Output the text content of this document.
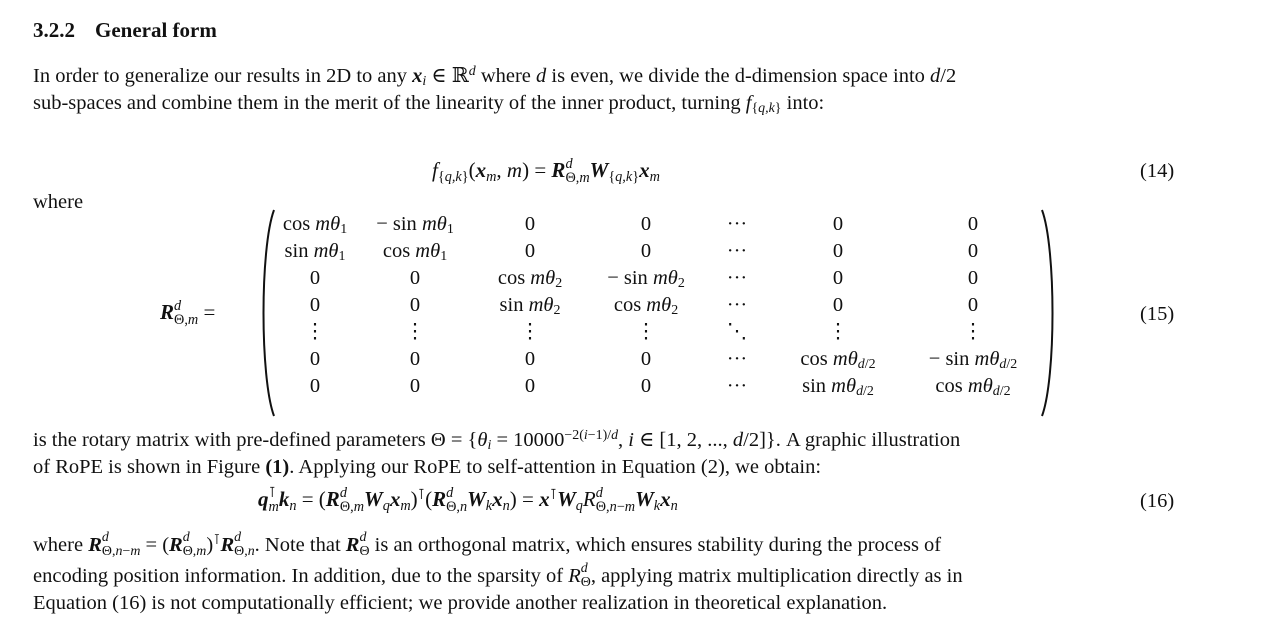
3.2.2 General form
In order to generalize our results in 2D to any $x_i$ ∈ ℝ$^d$ where d is even, we divide the d-dimension space into d/2
sub-spaces and combine them in the merit of the linearity of the inner product, turning $f_{\{q,k\}}$ into:
$f_{\{q,k\}}(x_m$, m) = R d
Θ,m $W_{\{q,k\}}x_m$	(14)
where
R d
Θ,m =
$\cos m\theta_1$	− $\sin m\theta_1$	0	0	···	0	0
$\sin m\theta_1$	$\cos m\theta_1$	0	0	···	0	0
0	0	$\cos m\theta_2$	− $\sin m\theta_2$	···	0	0
0	0	$\sin m\theta_2$	$\cos m\theta_2$	···	0	0
⋮	⋮	⋮	⋮	⋱	⋮	⋮
0	0	0	0	···	$\cos m\theta_{d/2}$	− $\sin m\theta_{d/2}$
0	0	0	0	···	$\sin m\theta_{d/2}$	$\cos m\theta_{d/2}$
(15)
is the rotary matrix with pre-defined parameters $\Theta = \{\theta_i = 10000^{-2(i-1)/d}$, i ∈ [1, 2, ..., d/2]}. A graphic illustration
of RoPE is shown in Figure (1). Applying our RoPE to self-attention in Equation (2), we obtain:
q ⊺
m $k_n = (R$ d
Θ,m $W_qx_m)^⊺(R$ d
Θ,n $W_kx_n) = x^⊺W_qR$ d
Θ,n−m $W_kx_n$	(16)
where R d
Θ,n−m = (R d
Θ,m )⊺R d
Θ,n . Note that R d
Θ is an orthogonal matrix, which ensures stability during the process of
encoding position information. In addition, due to the sparsity of R d
Θ , applying matrix multiplication directly as in
Equation (16) is not computationally efficient; we provide another realization in theoretical explanation.
